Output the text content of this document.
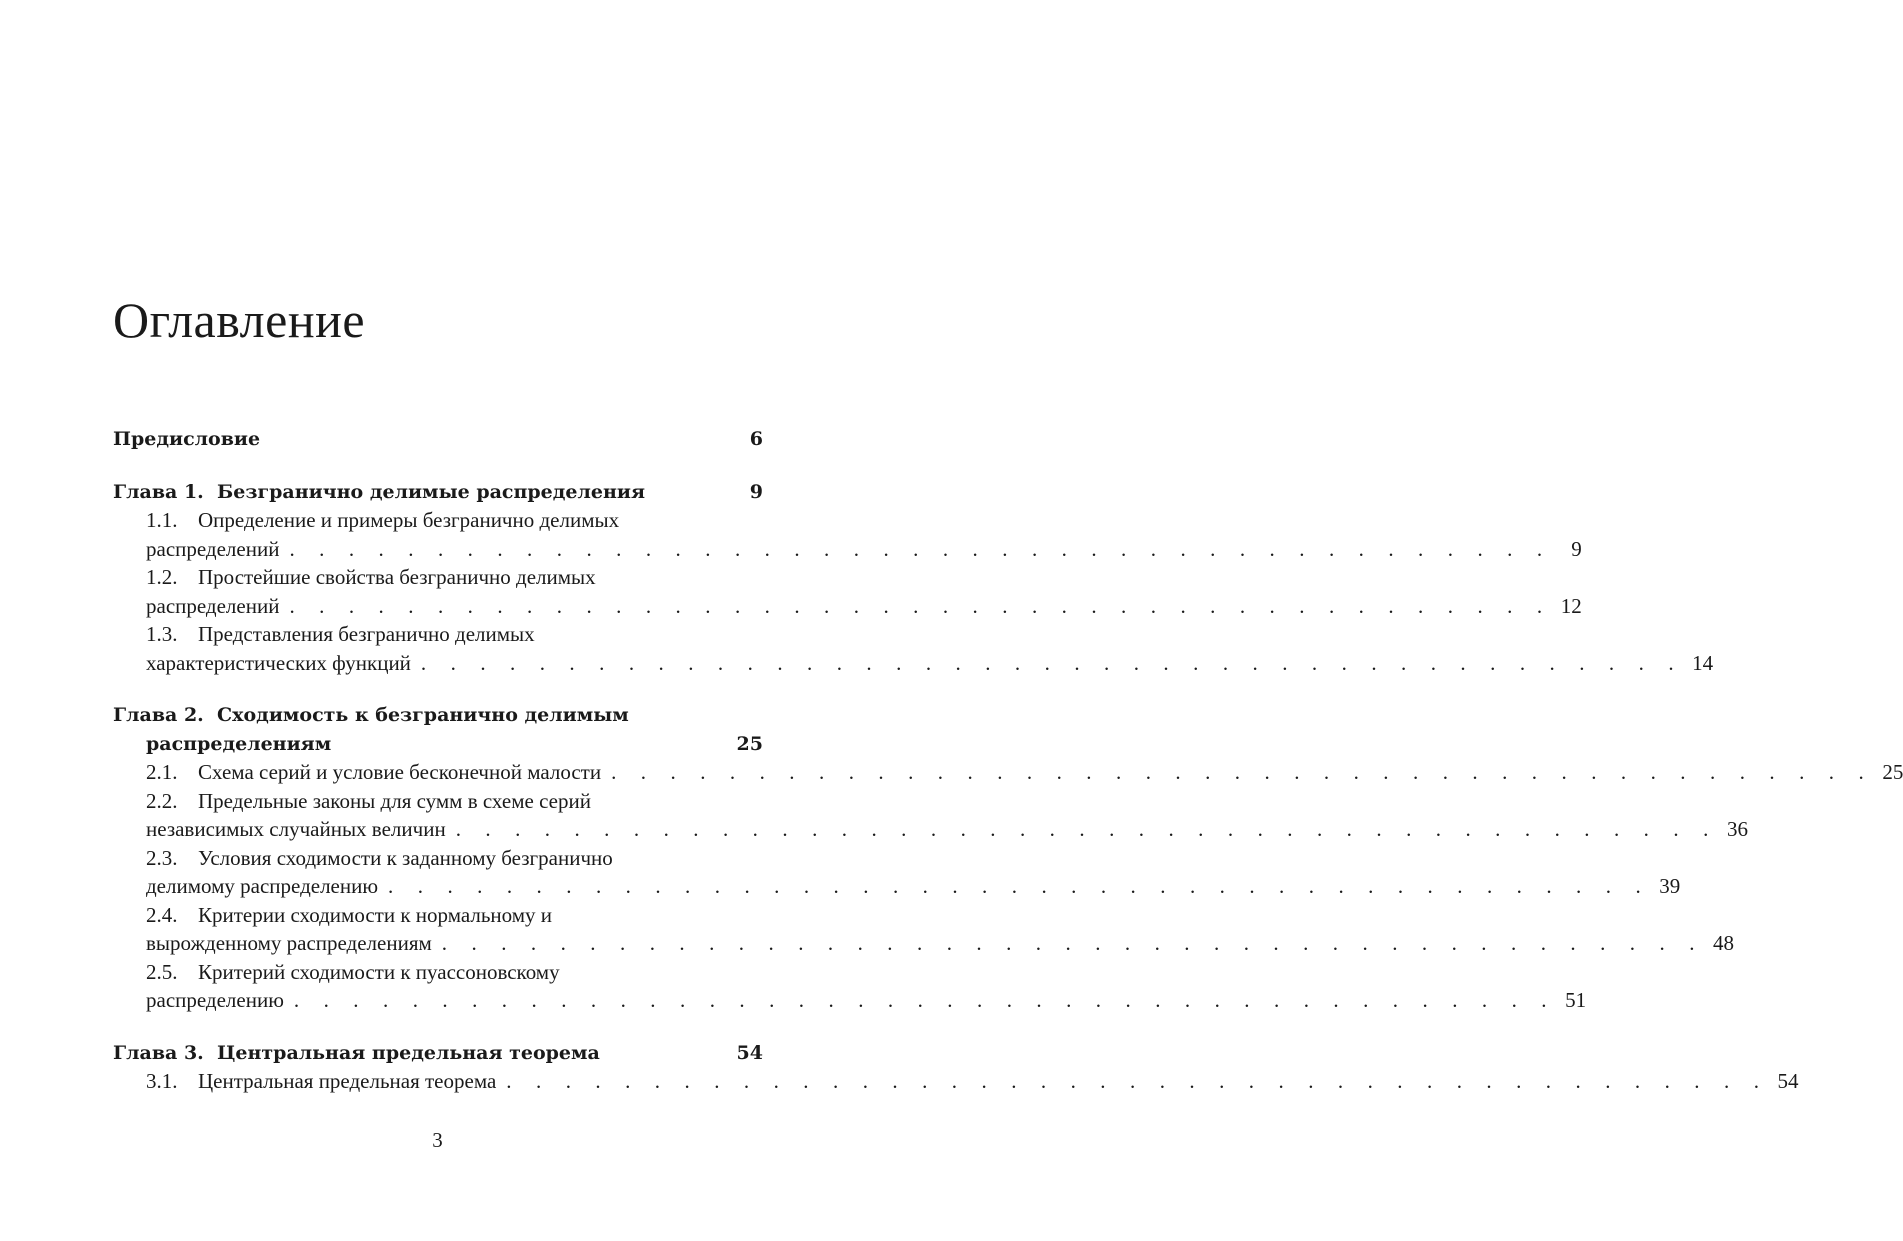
Оглавление
Предисловие	6
Глава 1. Безгранично делимые распределения	9
1.1. Определение и примеры безгранично делимых
распределений . . . . . . . . . . . . . . . . . . . . . . . . . . . . . . . . . . . . . . . . . . . 9
1.2. Простейшие свойства безгранично делимых
распределений . . . . . . . . . . . . . . . . . . . . . . . . . . . . . . . . . . . . . . . . . . . 12
1.3. Представления безгранично делимых
характеристических функций . . . . . . . . . . . . . . . . . . . . . . . . . . . . . . . . . . . . . . . . . . . 14
Глава 2. Сходимость к безгранично делимым
распределениям	25
2.1. Схема серий и условие бесконечной малости . . . . . . . . . . . . . . . . . . . . . . . . . . . . . . . . . . . . . . . . . . . 25
2.2. Предельные законы для сумм в схеме серий
независимых случайных величин . . . . . . . . . . . . . . . . . . . . . . . . . . . . . . . . . . . . . . . . . . . 36
2.3. Условия сходимости к заданному безгранично
делимому распределению . . . . . . . . . . . . . . . . . . . . . . . . . . . . . . . . . . . . . . . . . . . 39
2.4. Критерии сходимости к нормальному и
вырожденному распределениям . . . . . . . . . . . . . . . . . . . . . . . . . . . . . . . . . . . . . . . . . . . 48
2.5. Критерий сходимости к пуассоновскому
распределению . . . . . . . . . . . . . . . . . . . . . . . . . . . . . . . . . . . . . . . . . . . 51
Глава 3. Центральная предельная теорема	54
3.1. Центральная предельная теорема . . . . . . . . . . . . . . . . . . . . . . . . . . . . . . . . . . . . . . . . . . . 54
3
